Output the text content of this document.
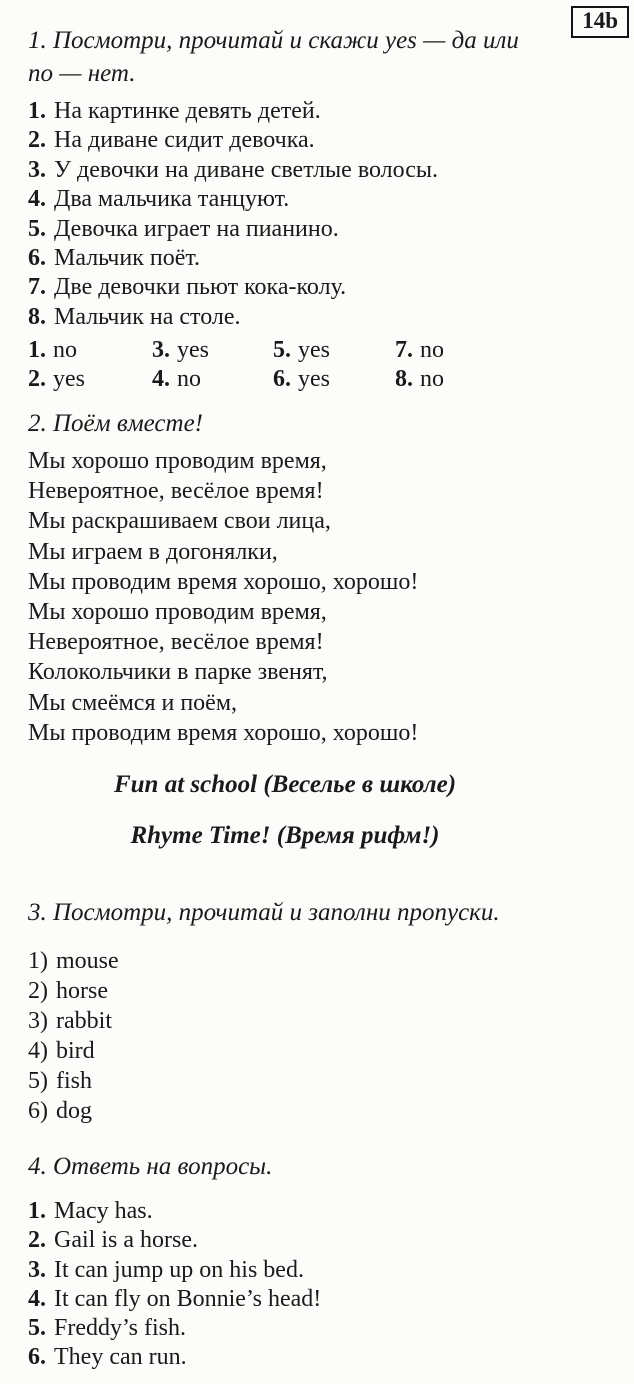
14b
1. Посмотри, прочитай и скажи yes — да или no — нет.
1. На картинке девять детей.
2. На диване сидит девочка.
3. У девочки на диване светлые волосы.
4. Два мальчика танцуют.
5. Девочка играет на пианино.
6. Мальчик поёт.
7. Две девочки пьют кока-колу.
8. Мальчик на столе.
1. no	3. yes	5. yes	7. no
2. yes	4. no	6. yes	8. no
2. Поём вместе!
Мы хорошо проводим время,
Невероятное, весёлое время!
Мы раскрашиваем свои лица,
Мы играем в догонялки,
Мы проводим время хорошо, хорошо!
Мы хорошо проводим время,
Невероятное, весёлое время!
Колокольчики в парке звенят,
Мы смеёмся и поём,
Мы проводим время хорошо, хорошо!
Fun at school (Веселье в школе)
Rhyme Time! (Время рифм!)
3. Посмотри, прочитай и заполни пропуски.
1) mouse
2) horse
3) rabbit
4) bird
5) fish
6) dog
4. Ответь на вопросы.
1. Macy has.
2. Gail is a horse.
3. It can jump up on his bed.
4. It can fly on Bonnie’s head!
5. Freddy’s fish.
6. They can run.
